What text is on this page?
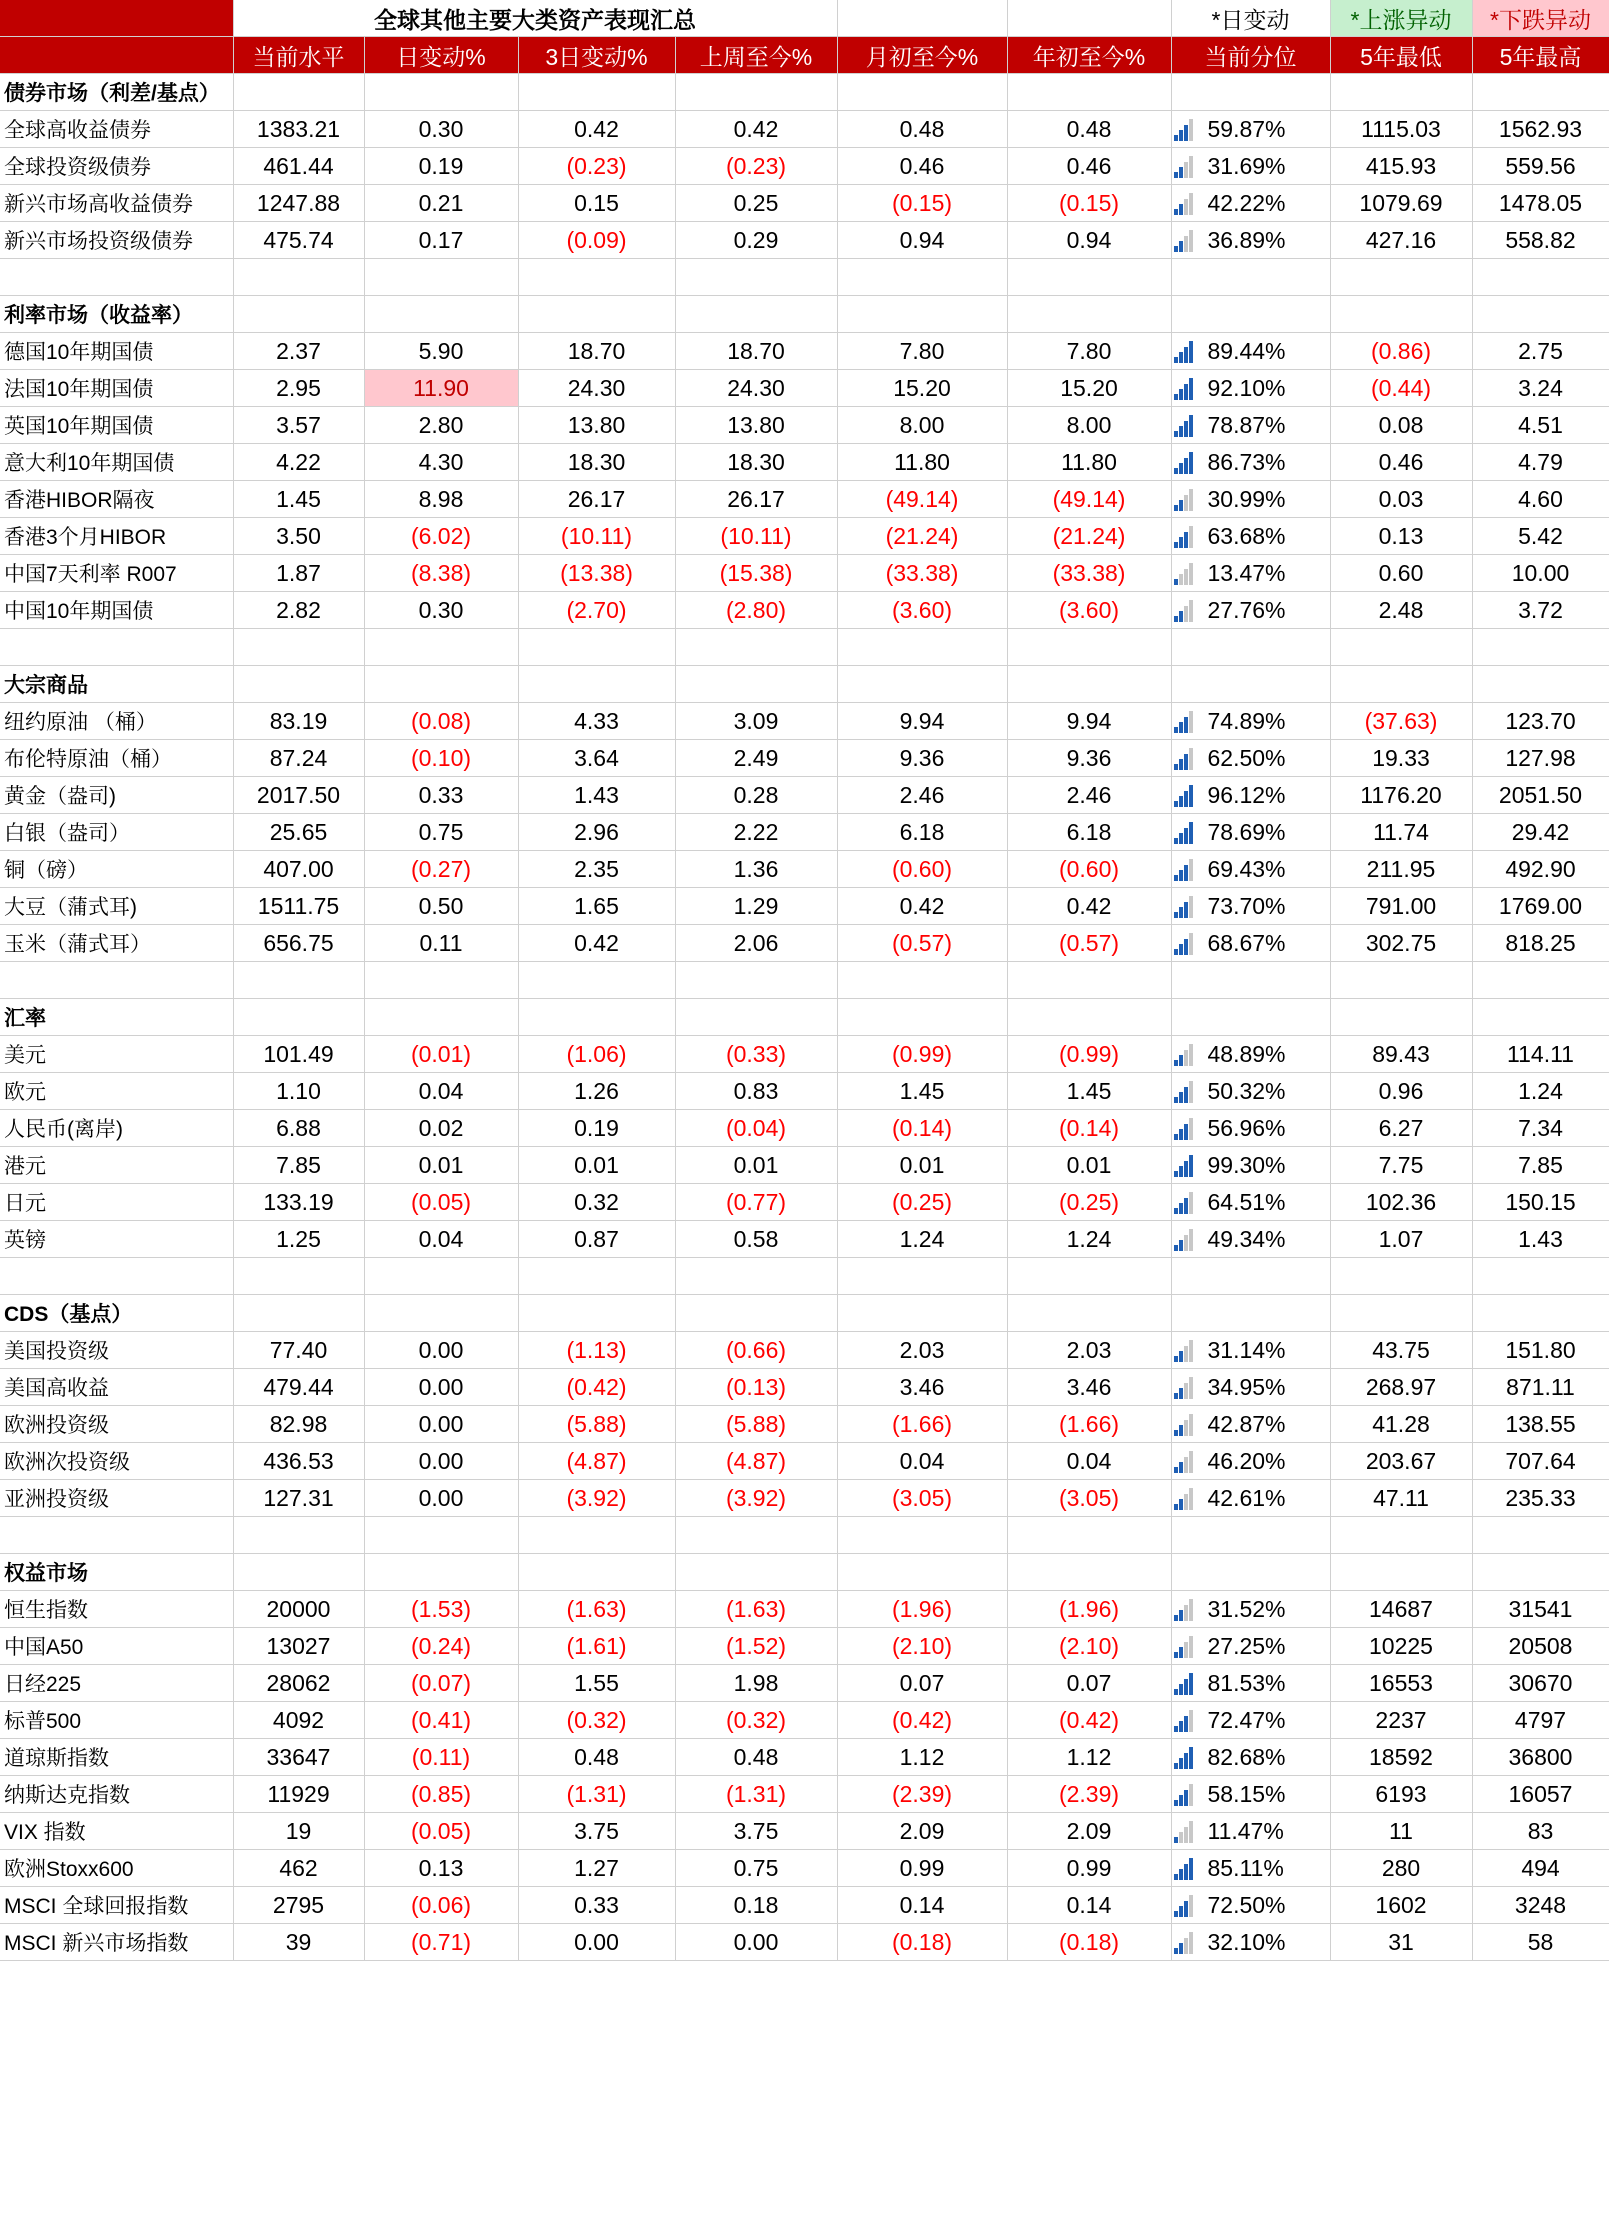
	全球其他主要大类资产表现汇总						*日变动	*上涨异动	*下跌异动
	当前水平	日变动%	3日变动%	上周至今%	月初至今%	年初至今%	当前分位	5年最低	5年最高
债券市场（利差/基点）									
全球高收益债券	1383.21	0.30	0.42	0.42	0.48	0.48	59.87%	1115.03	1562.93
全球投资级债券	461.44	0.19	(0.23)	(0.23)	0.46	0.46	31.69%	415.93	559.56
新兴市场高收益债券	1247.88	0.21	0.15	0.25	(0.15)	(0.15)	42.22%	1079.69	1478.05
新兴市场投资级债券	475.74	0.17	(0.09)	0.29	0.94	0.94	36.89%	427.16	558.82

利率市场（收益率）									
德国10年期国债	2.37	5.90	18.70	18.70	7.80	7.80	89.44%	(0.86)	2.75
法国10年期国债	2.95	11.90	24.30	24.30	15.20	15.20	92.10%	(0.44)	3.24
英国10年期国债	3.57	2.80	13.80	13.80	8.00	8.00	78.87%	0.08	4.51
意大利10年期国债	4.22	4.30	18.30	18.30	11.80	11.80	86.73%	0.46	4.79
香港HIBOR隔夜	1.45	8.98	26.17	26.17	(49.14)	(49.14)	30.99%	0.03	4.60
香港3个月HIBOR	3.50	(6.02)	(10.11)	(10.11)	(21.24)	(21.24)	63.68%	0.13	5.42
中国7天利率 R007	1.87	(8.38)	(13.38)	(15.38)	(33.38)	(33.38)	13.47%	0.60	10.00
中国10年期国债	2.82	0.30	(2.70)	(2.80)	(3.60)	(3.60)	27.76%	2.48	3.72

大宗商品									
纽约原油 （桶）	83.19	(0.08)	4.33	3.09	9.94	9.94	74.89%	(37.63)	123.70
布伦特原油（桶）	87.24	(0.10)	3.64	2.49	9.36	9.36	62.50%	19.33	127.98
黄金（盎司)	2017.50	0.33	1.43	0.28	2.46	2.46	96.12%	1176.20	2051.50
白银（盎司）	25.65	0.75	2.96	2.22	6.18	6.18	78.69%	11.74	29.42
铜（磅）	407.00	(0.27)	2.35	1.36	(0.60)	(0.60)	69.43%	211.95	492.90
大豆（蒲式耳)	1511.75	0.50	1.65	1.29	0.42	0.42	73.70%	791.00	1769.00
玉米（蒲式耳）	656.75	0.11	0.42	2.06	(0.57)	(0.57)	68.67%	302.75	818.25

汇率									
美元	101.49	(0.01)	(1.06)	(0.33)	(0.99)	(0.99)	48.89%	89.43	114.11
欧元	1.10	0.04	1.26	0.83	1.45	1.45	50.32%	0.96	1.24
人民币(离岸)	6.88	0.02	0.19	(0.04)	(0.14)	(0.14)	56.96%	6.27	7.34
港元	7.85	0.01	0.01	0.01	0.01	0.01	99.30%	7.75	7.85
日元	133.19	(0.05)	0.32	(0.77)	(0.25)	(0.25)	64.51%	102.36	150.15
英镑	1.25	0.04	0.87	0.58	1.24	1.24	49.34%	1.07	1.43

CDS（基点）									
美国投资级	77.40	0.00	(1.13)	(0.66)	2.03	2.03	31.14%	43.75	151.80
美国高收益	479.44	0.00	(0.42)	(0.13)	3.46	3.46	34.95%	268.97	871.11
欧洲投资级	82.98	0.00	(5.88)	(5.88)	(1.66)	(1.66)	42.87%	41.28	138.55
欧洲次投资级	436.53	0.00	(4.87)	(4.87)	0.04	0.04	46.20%	203.67	707.64
亚洲投资级	127.31	0.00	(3.92)	(3.92)	(3.05)	(3.05)	42.61%	47.11	235.33

权益市场									
恒生指数	20000	(1.53)	(1.63)	(1.63)	(1.96)	(1.96)	31.52%	14687	31541
中国A50	13027	(0.24)	(1.61)	(1.52)	(2.10)	(2.10)	27.25%	10225	20508
日经225	28062	(0.07)	1.55	1.98	0.07	0.07	81.53%	16553	30670
标普500	4092	(0.41)	(0.32)	(0.32)	(0.42)	(0.42)	72.47%	2237	4797
道琼斯指数	33647	(0.11)	0.48	0.48	1.12	1.12	82.68%	18592	36800
纳斯达克指数	11929	(0.85)	(1.31)	(1.31)	(2.39)	(2.39)	58.15%	6193	16057
VIX 指数	19	(0.05)	3.75	3.75	2.09	2.09	11.47%	11	83
欧洲Stoxx600	462	0.13	1.27	0.75	0.99	0.99	85.11%	280	494
MSCI 全球回报指数	2795	(0.06)	0.33	0.18	0.14	0.14	72.50%	1602	3248
MSCI 新兴市场指数	39	(0.71)	0.00	0.00	(0.18)	(0.18)	32.10%	31	58
